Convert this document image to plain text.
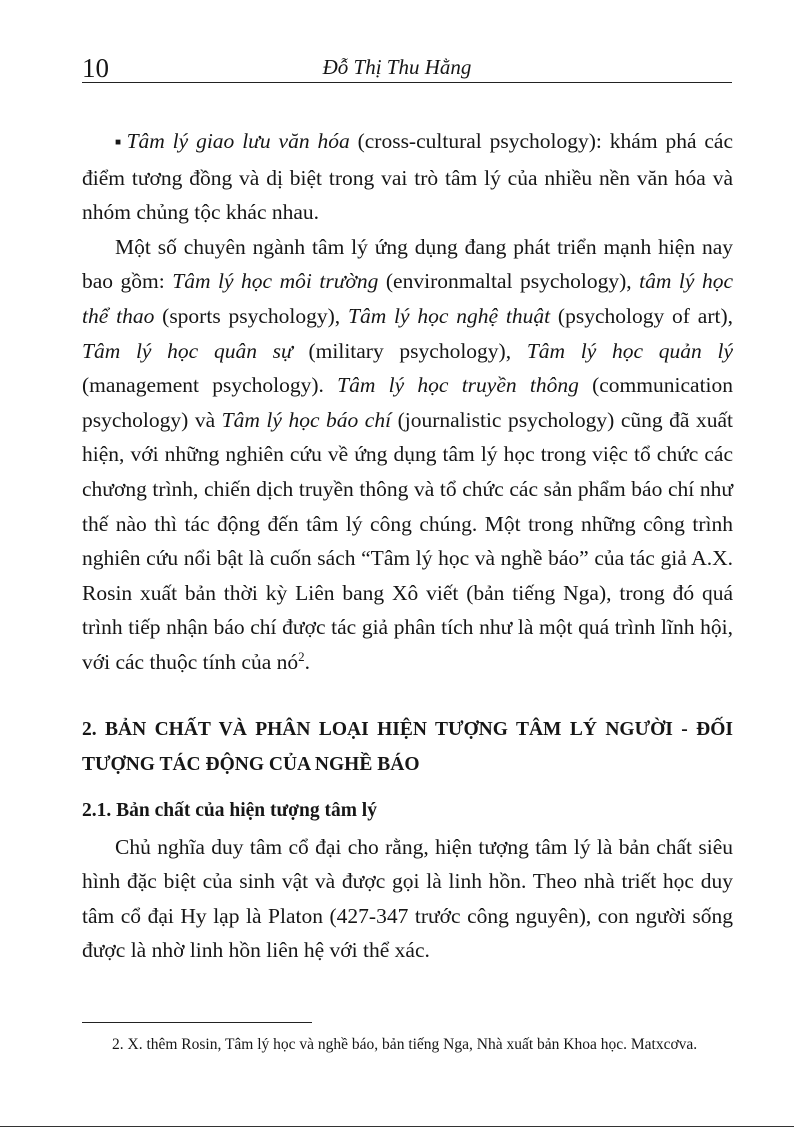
10	Đỗ Thị Thu Hằng

■ Tâm lý giao lưu văn hóa (cross-cultural psychology): khám phá các điểm tương đồng và dị biệt trong vai trò tâm lý của nhiều nền văn hóa và nhóm chủng tộc khác nhau.

Một số chuyên ngành tâm lý ứng dụng đang phát triển mạnh hiện nay bao gồm: Tâm lý học môi trường (environmaltal psychology), tâm lý học thể thao (sports psychology), Tâm lý học nghệ thuật (psychology of art), Tâm lý học quân sự (military psychology), Tâm lý học quản lý (management psychology). Tâm lý học truyền thông (communication psychology) và Tâm lý học báo chí (journalistic psychology) cũng đã xuất hiện, với những nghiên cứu về ứng dụng tâm lý học trong việc tổ chức các chương trình, chiến dịch truyền thông và tổ chức các sản phẩm báo chí như thế nào thì tác động đến tâm lý công chúng. Một trong những công trình nghiên cứu nổi bật là cuốn sách “Tâm lý học và nghề báo” của tác giả A.X. Rosin xuất bản thời kỳ Liên bang Xô viết (bản tiếng Nga), trong đó quá trình tiếp nhận báo chí được tác giả phân tích như là một quá trình lĩnh hội, với các thuộc tính của $nó^2$.

2. BẢN CHẤT VÀ PHÂN LOẠI HIỆN TƯỢNG TÂM LÝ NGƯỜI - ĐỐI TƯỢNG TÁC ĐỘNG CỦA NGHỀ BÁO
2.1. Bản chất của hiện tượng tâm lý

Chủ nghĩa duy tâm cổ đại cho rằng, hiện tượng tâm lý là bản chất siêu hình đặc biệt của sinh vật và được gọi là linh hồn. Theo nhà triết học duy tâm cổ đại Hy lạp là Platon (427-347 trước công nguyên), con người sống được là nhờ linh hồn liên hệ với thể xác.

2. X. thêm Rosin, Tâm lý học và nghề báo, bản tiếng Nga, Nhà xuất bản Khoa học. Matxcơva.
